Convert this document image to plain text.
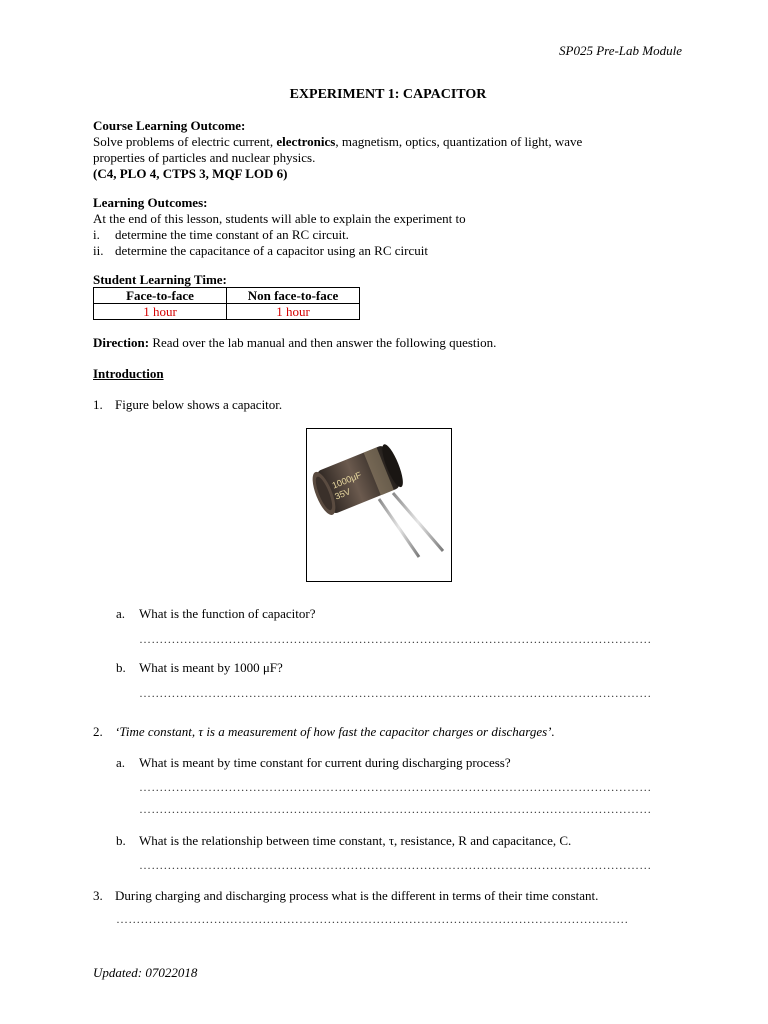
SP025 Pre-Lab Module
EXPERIMENT 1: CAPACITOR
Course Learning Outcome:
Solve problems of electric current, electronics, magnetism, optics, quantization of light, wave
properties of particles and nuclear physics.
(C4, PLO 4, CTPS 3, MQF LOD 6)
Learning Outcomes:
At the end of this lesson, students will able to explain the experiment to
i.	determine the time constant of an RC circuit.
ii. determine the capacitance of a capacitor using an RC circuit
Student Learning Time:
Face-to-face	Non face-to-face
1 hour	1 hour
Direction: Read over the lab manual and then answer the following question.
Introduction
1. Figure below shows a capacitor.
1000μF
35V
a. What is the function of capacitor?
………………………………………………………………………………………………………………
b. What is meant by 1000 μF?
………………………………………………………………………………………………………………
2. ‘Time constant, τ is a measurement of how fast the capacitor charges or discharges’.
a. What is meant by time constant for current during discharging process?
………………………………………………………………………………………………………………
………………………………………………………………………………………………………………
b. What is the relationship between time constant, τ, resistance, R and capacitance, C.
………………………………………………………………………………………………………………
3. During charging and discharging process what is the different in terms of their time constant.
………………………………………………………………………………………………………………
Updated: 07022018
